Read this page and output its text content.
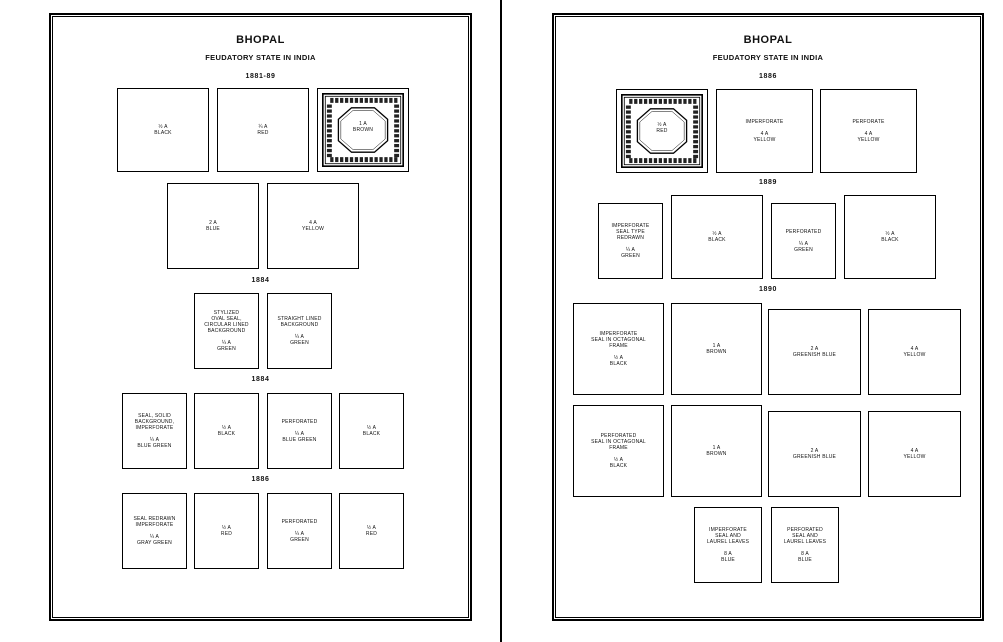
BHOPAL
FEUDATORY STATE IN INDIA
1881-89
½ A
BLACK
¼ A
RED
1 A
BROWN
2 A
BLUE
4 A
YELLOW
1884
STYLIZED
OVAL SEAL,
CIRCULAR LINED
BACKGROUND

¼ A
GREEN
STRAIGHT LINED
BACKGROUND

¼ A
GREEN
1884
SEAL, SOLID
BACKGROUND,
IMPERFORATE

¼ A
BLUE GREEN
½ A
BLACK
PERFORATED

¼ A
BLUE GREEN
½ A
BLACK
1886
SEAL REDRAWN
IMPERFORATE

¼ A
GRAY GREEN
½ A
RED
PERFORATED

¼ A
GREEN
½ A
RED
BHOPAL
FEUDATORY STATE IN INDIA
1886
½ A
RED
IMPERFORATE

4 A
YELLOW
PERFORATE

4 A
YELLOW
1889
IMPERFORATE
SEAL TYPE
REDRAWN

¼ A
GREEN
½ A
BLACK
PERFORATED

¼ A
GREEN
½ A
BLACK
1890
IMPERFORATE
SEAL IN OCTAGONAL
FRAME

½ A
BLACK
1 A
BROWN	2 A
GREENISH BLUE
4 A
YELLOW
PERFORATED
SEAL IN OCTAGONAL
FRAME

½ A
BLACK
1 A
BROWN	2 A
GREENISH BLUE
4 A
YELLOW
IMPERFORATE
SEAL AND
LAUREL LEAVES

8 A
BLUE
PERFORATED
SEAL AND
LAUREL LEAVES

8 A
BLUE
